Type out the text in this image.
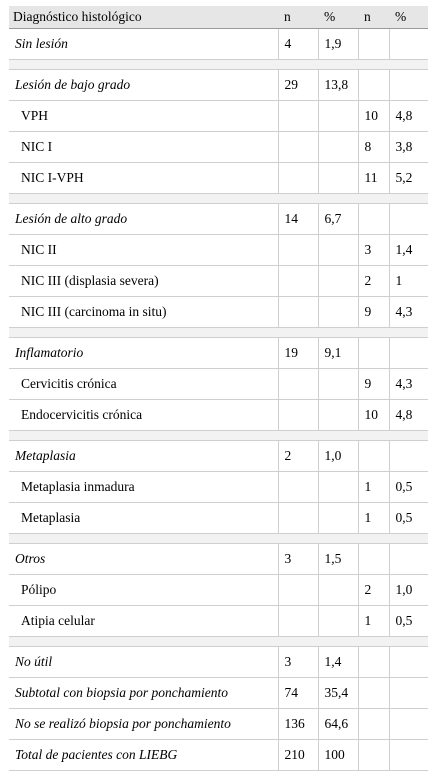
Diagnóstico histológico	n	%	n	%
Sin lesión	4	1,9		

Lesión de bajo grado	29	13,8		
VPH			10	4,8
NIC I			8	3,8
NIC I-VPH			11	5,2

Lesión de alto grado	14	6,7		
NIC II			3	1,4
NIC III (displasia severa)			2	1
NIC III (carcinoma in situ)			9	4,3

Inflamatorio	19	9,1		
Cervicitis crónica			9	4,3
Endocervicitis crónica			10	4,8

Metaplasia	2	1,0		
Metaplasia inmadura			1	0,5
Metaplasia			1	0,5

Otros	3	1,5		
Pólipo			2	1,0
Atipia celular			1	0,5

No útil	3	1,4		
Subtotal con biopsia por ponchamiento	74	35,4		
No se realizó biopsia por ponchamiento	136	64,6		
Total de pacientes con LIEBG	210	100		
